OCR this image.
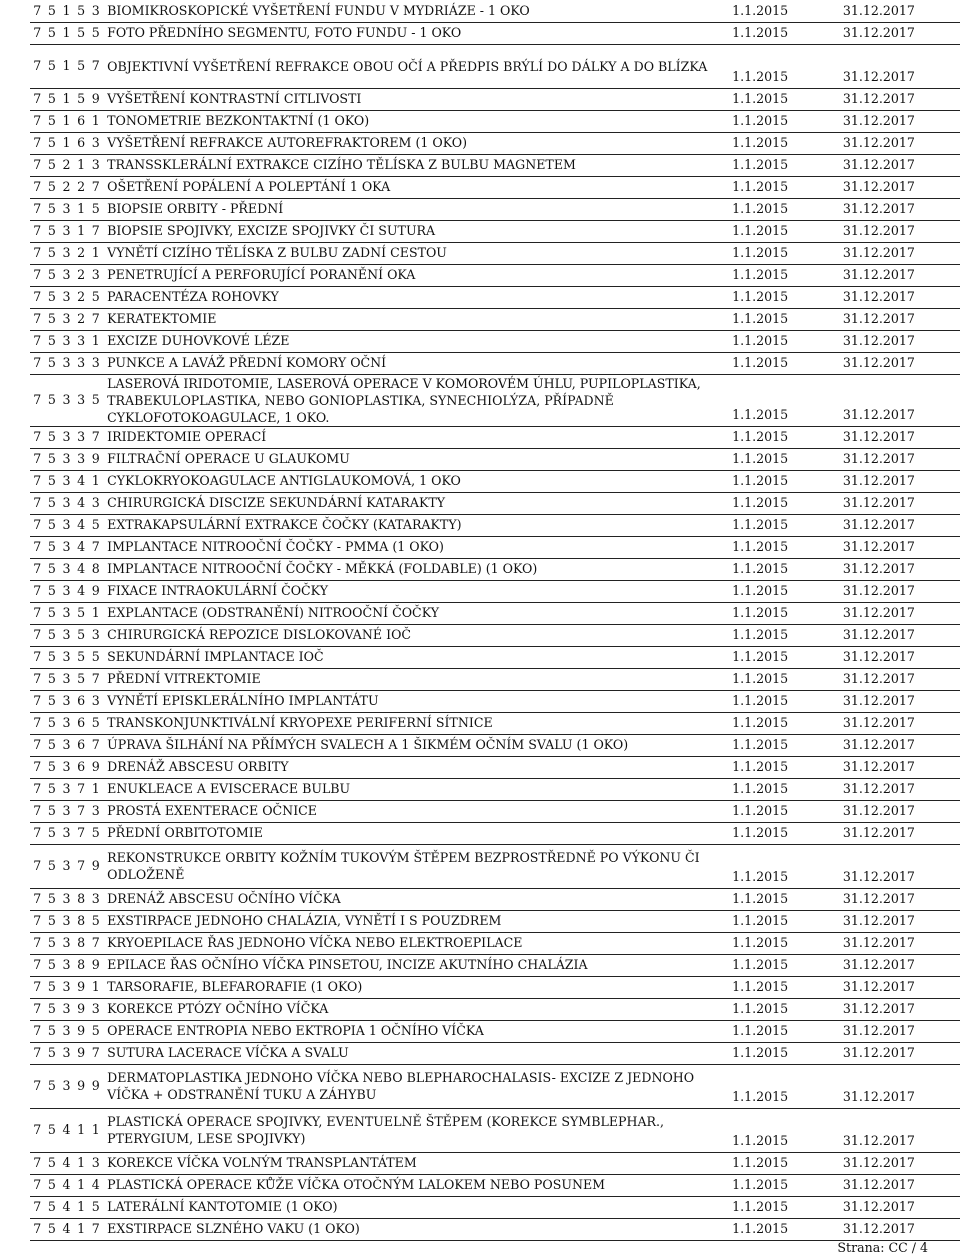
7	5	1	5	3	BIOMIKROSKOPICKÉ VYŠETŘENÍ FUNDU V MYDRIÁZE - 1 OKO	1.1.2015	31.12.2017
7	5	1	5	5	FOTO PŘEDNÍHO SEGMENTU, FOTO FUNDU - 1 OKO	1.1.2015	31.12.2017
7	5	1	5	7	OBJEKTIVNÍ VYŠETŘENÍ REFRAKCE OBOU OČÍ A PŘEDPIS BRÝLÍ DO DÁLKY A DO BLÍZKA	1.1.2015	31.12.2017
7	5	1	5	9	VYŠETŘENÍ KONTRASTNÍ CITLIVOSTI	1.1.2015	31.12.2017
7	5	1	6	1	TONOMETRIE BEZKONTAKTNÍ (1 OKO)	1.1.2015	31.12.2017
7	5	1	6	3	VYŠETŘENÍ REFRAKCE AUTOREFRAKTOREM (1 OKO)	1.1.2015	31.12.2017
7	5	2	1	3	TRANSSKLERÁLNÍ EXTRAKCE CIZÍHO TĚLÍSKA Z BULBU MAGNETEM	1.1.2015	31.12.2017
7	5	2	2	7	OŠETŘENÍ POPÁLENÍ A POLEPTÁNÍ 1 OKA	1.1.2015	31.12.2017
7	5	3	1	5	BIOPSIE ORBITY - PŘEDNÍ	1.1.2015	31.12.2017
7	5	3	1	7	BIOPSIE SPOJIVKY, EXCIZE SPOJIVKY ČI SUTURA	1.1.2015	31.12.2017
7	5	3	2	1	VYNĚTÍ CIZÍHO TĚLÍSKA Z BULBU ZADNÍ CESTOU	1.1.2015	31.12.2017
7	5	3	2	3	PENETRUJÍCÍ A PERFORUJÍCÍ PORANĚNÍ OKA	1.1.2015	31.12.2017
7	5	3	2	5	PARACENTÉZA ROHOVKY	1.1.2015	31.12.2017
7	5	3	2	7	KERATEKTOMIE	1.1.2015	31.12.2017
7	5	3	3	1	EXCIZE DUHOVKOVÉ LÉZE	1.1.2015	31.12.2017
7	5	3	3	3	PUNKCE A LAVÁŽ PŘEDNÍ KOMORY OČNÍ	1.1.2015	31.12.2017
7	5	3	3	5	LASEROVÁ IRIDOTOMIE, LASEROVÁ OPERACE V KOMOROVÉM ÚHLU, PUPILOPLASTIKA, TRABEKULOPLASTIKA, NEBO GONIOPLASTIKA, SYNECHIOLÝZA, PŘÍPADNĚ CYKLOFOTOKOAGULACE, 1 OKO.	1.1.2015	31.12.2017
7	5	3	3	7	IRIDEKTOMIE OPERACÍ	1.1.2015	31.12.2017
7	5	3	3	9	FILTRAČNÍ OPERACE U GLAUKOMU	1.1.2015	31.12.2017
7	5	3	4	1	CYKLOKRYOKOAGULACE ANTIGLAUKOMOVÁ, 1 OKO	1.1.2015	31.12.2017
7	5	3	4	3	CHIRURGICKÁ DISCIZE SEKUNDÁRNÍ KATARAKTY	1.1.2015	31.12.2017
7	5	3	4	5	EXTRAKAPSULÁRNÍ EXTRAKCE ČOČKY (KATARAKTY)	1.1.2015	31.12.2017
7	5	3	4	7	IMPLANTACE NITROOČNÍ ČOČKY - PMMA (1 OKO)	1.1.2015	31.12.2017
7	5	3	4	8	IMPLANTACE NITROOČNÍ ČOČKY - MĚKKÁ (FOLDABLE) (1 OKO)	1.1.2015	31.12.2017
7	5	3	4	9	FIXACE INTRAOKULÁRNÍ ČOČKY	1.1.2015	31.12.2017
7	5	3	5	1	EXPLANTACE (ODSTRANĚNÍ) NITROOČNÍ ČOČKY	1.1.2015	31.12.2017
7	5	3	5	3	CHIRURGICKÁ REPOZICE DISLOKOVANÉ IOČ	1.1.2015	31.12.2017
7	5	3	5	5	SEKUNDÁRNÍ IMPLANTACE IOČ	1.1.2015	31.12.2017
7	5	3	5	7	PŘEDNÍ VITREKTOMIE	1.1.2015	31.12.2017
7	5	3	6	3	VYNĚTÍ EPISKLERÁLNÍHO IMPLANTÁTU	1.1.2015	31.12.2017
7	5	3	6	5	TRANSKONJUNKTIVÁLNÍ KRYOPEXE PERIFERNÍ SÍTNICE	1.1.2015	31.12.2017
7	5	3	6	7	ÚPRAVA ŠILHÁNÍ NA PŘÍMÝCH SVALECH A 1 ŠIKMÉM OČNÍM SVALU (1 OKO)	1.1.2015	31.12.2017
7	5	3	6	9	DRENÁŽ ABSCESU ORBITY	1.1.2015	31.12.2017
7	5	3	7	1	ENUKLEACE A EVISCERACE BULBU	1.1.2015	31.12.2017
7	5	3	7	3	PROSTÁ EXENTERACE OČNICE	1.1.2015	31.12.2017
7	5	3	7	5	PŘEDNÍ ORBITOTOMIE	1.1.2015	31.12.2017
7	5	3	7	9	REKONSTRUKCE ORBITY KOŽNÍM TUKOVÝM ŠTĚPEM BEZPROSTŘEDNĚ PO VÝKONU ČI ODLOŽENĚ	1.1.2015	31.12.2017
7	5	3	8	3	DRENÁŽ ABSCESU OČNÍHO VÍČKA	1.1.2015	31.12.2017
7	5	3	8	5	EXSTIRPACE JEDNOHO CHALÁZIA, VYNĚTÍ I S POUZDREM	1.1.2015	31.12.2017
7	5	3	8	7	KRYOEPILACE ŘAS JEDNOHO VÍČKA NEBO ELEKTROEPILACE	1.1.2015	31.12.2017
7	5	3	8	9	EPILACE ŘAS OČNÍHO VÍČKA PINSETOU, INCIZE AKUTNÍHO CHALÁZIA	1.1.2015	31.12.2017
7	5	3	9	1	TARSORAFIE, BLEFARORAFIE (1 OKO)	1.1.2015	31.12.2017
7	5	3	9	3	KOREKCE PTÓZY OČNÍHO VÍČKA	1.1.2015	31.12.2017
7	5	3	9	5	OPERACE ENTROPIA NEBO EKTROPIA 1 OČNÍHO VÍČKA	1.1.2015	31.12.2017
7	5	3	9	7	SUTURA LACERACE VÍČKA A SVALU	1.1.2015	31.12.2017
7	5	3	9	9	DERMATOPLASTIKA JEDNOHO VÍČKA NEBO BLEPHAROCHALASIS- EXCIZE Z JEDNOHO VÍČKA + ODSTRANĚNÍ TUKU A ZÁHYBU	1.1.2015	31.12.2017
7	5	4	1	1	PLASTICKÁ OPERACE SPOJIVKY, EVENTUELNĚ ŠTĚPEM (KOREKCE SYMBLEPHAR., PTERYGIUM, LESE SPOJIVKY)	1.1.2015	31.12.2017
7	5	4	1	3	KOREKCE VÍČKA VOLNÝM TRANSPLANTÁTEM	1.1.2015	31.12.2017
7	5	4	1	4	PLASTICKÁ OPERACE KŮŽE VÍČKA OTOČNÝM LALOKEM NEBO POSUNEM	1.1.2015	31.12.2017
7	5	4	1	5	LATERÁLNÍ KANTOTOMIE (1 OKO)	1.1.2015	31.12.2017
7	5	4	1	7	EXSTIRPACE SLZNÉHO VAKU (1 OKO)	1.1.2015	31.12.2017
Strana: CC / 4
